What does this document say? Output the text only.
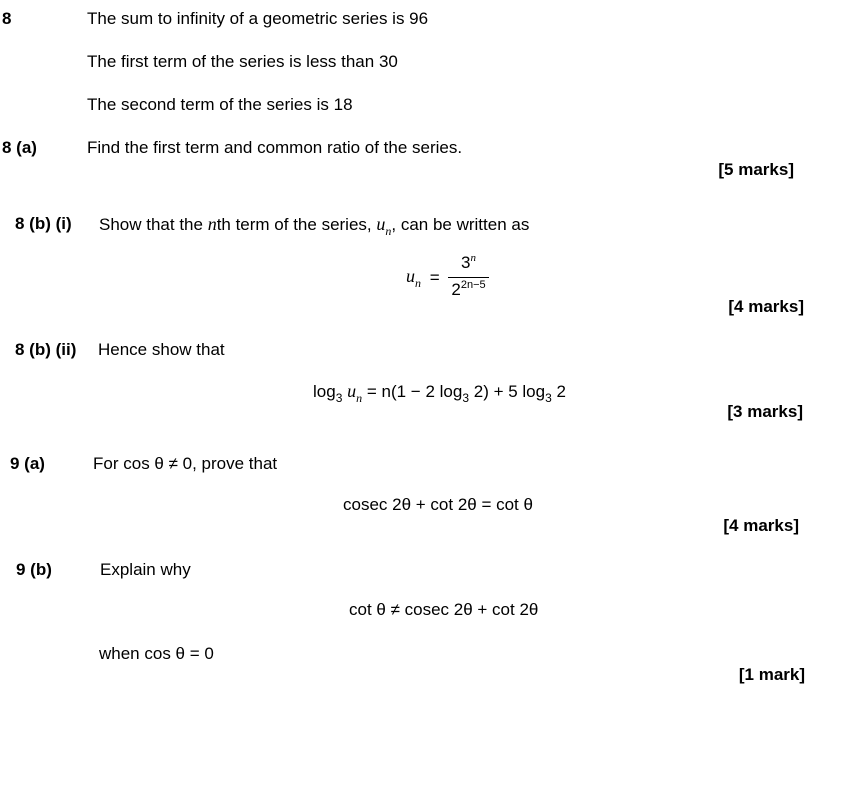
8	The sum to infinity of a geometric series is 96
The first term of the series is less than 30
The second term of the series is 18
8 (a)	Find the first term and common ratio of the series.
[5 marks]
8 (b) (i) Show that the nth term of the series, $u_n$, can be written as
$u_n = \frac{3^n}{2^{2n-5}}$
[4 marks]
8 (b) (ii) Hence show that
$\log_3 u_n = n(1 - 2$ $\log_3 2) + 5$ $\log_3 2$
[3 marks]
9 (a)	For cos θ ≠ 0, prove that
cosec 2θ + cot 2θ = cot θ
[4 marks]
9 (b)	Explain why
cot θ ≠ cosec 2θ + cot 2θ
when cos θ = 0
[1 mark]
